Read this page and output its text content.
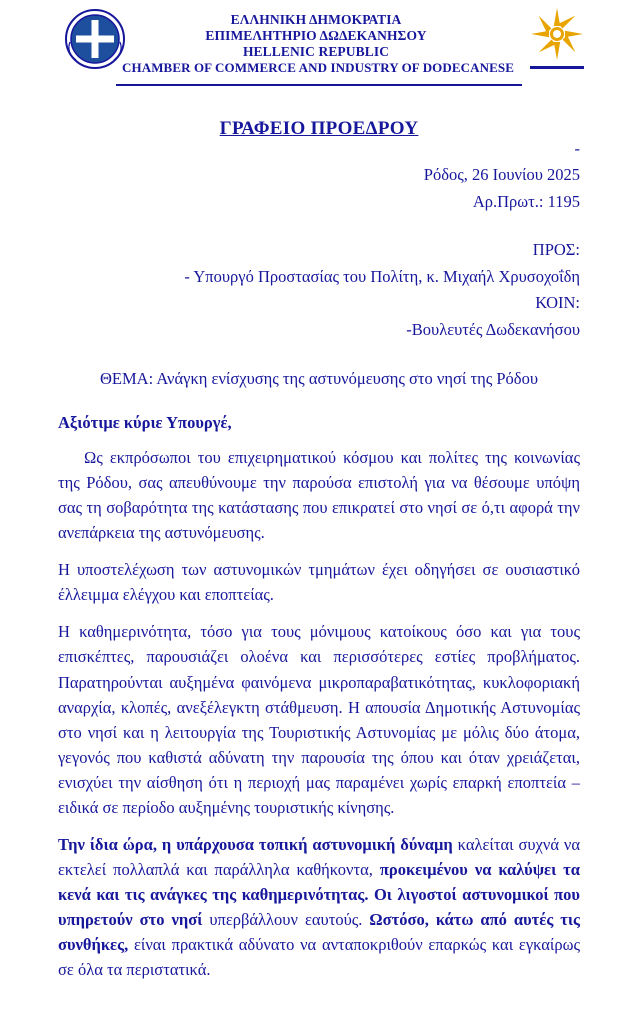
ΕΛΛΗΝΙΚΗ ΔΗΜΟΚΡΑΤΙΑ
ΕΠΙΜΕΛΗΤΗΡΙΟ ΔΩΔΕΚΑΝΗΣΟΥ
HELLENIC REPUBLIC
CHAMBER OF COMMERCE AND INDUSTRY OF DODECANESE
ΓΡΑΦΕΙΟ ΠΡΟΕΔΡΟΥ
-
Ρόδος, 26 Ιουνίου 2025
Αρ.Πρωτ.: 1195
ΠΡΟΣ:
- Υπουργό Προστασίας του Πολίτη, κ. Μιχαήλ Χρυσοχοΐδη
ΚΟΙΝ:
-Βουλευτές Δωδεκανήσου
ΘΕΜΑ: Ανάγκη ενίσχυσης της αστυνόμευσης στο νησί της Ρόδου
Αξιότιμε κύριε Υπουργέ,

Ως εκπρόσωποι του επιχειρηματικού κόσμου και πολίτες της κοινωνίας της Ρόδου, σας απευθύνουμε την παρούσα επιστολή για να θέσουμε υπόψη σας τη σοβαρότητα της κατάστασης που επικρατεί στο νησί σε ό,τι αφορά την ανεπάρκεια της αστυνόμευσης.

Η υποστελέχωση των αστυνομικών τμημάτων έχει οδηγήσει σε ουσιαστικό έλλειμμα ελέγχου και εποπτείας.

Η καθημερινότητα, τόσο για τους μόνιμους κατοίκους όσο και για τους επισκέπτες, παρουσιάζει ολοένα και περισσότερες εστίες προβλήματος. Παρατηρούνται αυξημένα φαινόμενα μικροπαραβατικότητας, κυκλοφοριακή αναρχία, κλοπές, ανεξέλεγκτη στάθμευση. Η απουσία Δημοτικής Αστυνομίας στο νησί και η λειτουργία της Τουριστικής Αστυνομίας με μόλις δύο άτομα, γεγονός που καθιστά αδύνατη την παρουσία της όπου και όταν χρειάζεται, ενισχύει την αίσθηση ότι η περιοχή μας παραμένει χωρίς επαρκή εποπτεία – ειδικά σε περίοδο αυξημένης τουριστικής κίνησης.

Την ίδια ώρα, η υπάρχουσα τοπική αστυνομική δύναμη καλείται συχνά να εκτελεί πολλαπλά και παράλληλα καθήκοντα, προκειμένου να καλύψει τα κενά και τις ανάγκες της καθημερινότητας. Οι λιγοστοί αστυνομικοί που υπηρετούν στο νησί υπερβάλλουν εαυτούς. Ωστόσο, κάτω από αυτές τις συνθήκες, είναι πρακτικά αδύνατο να ανταποκριθούν επαρκώς και εγκαίρως σε όλα τα περιστατικά.
